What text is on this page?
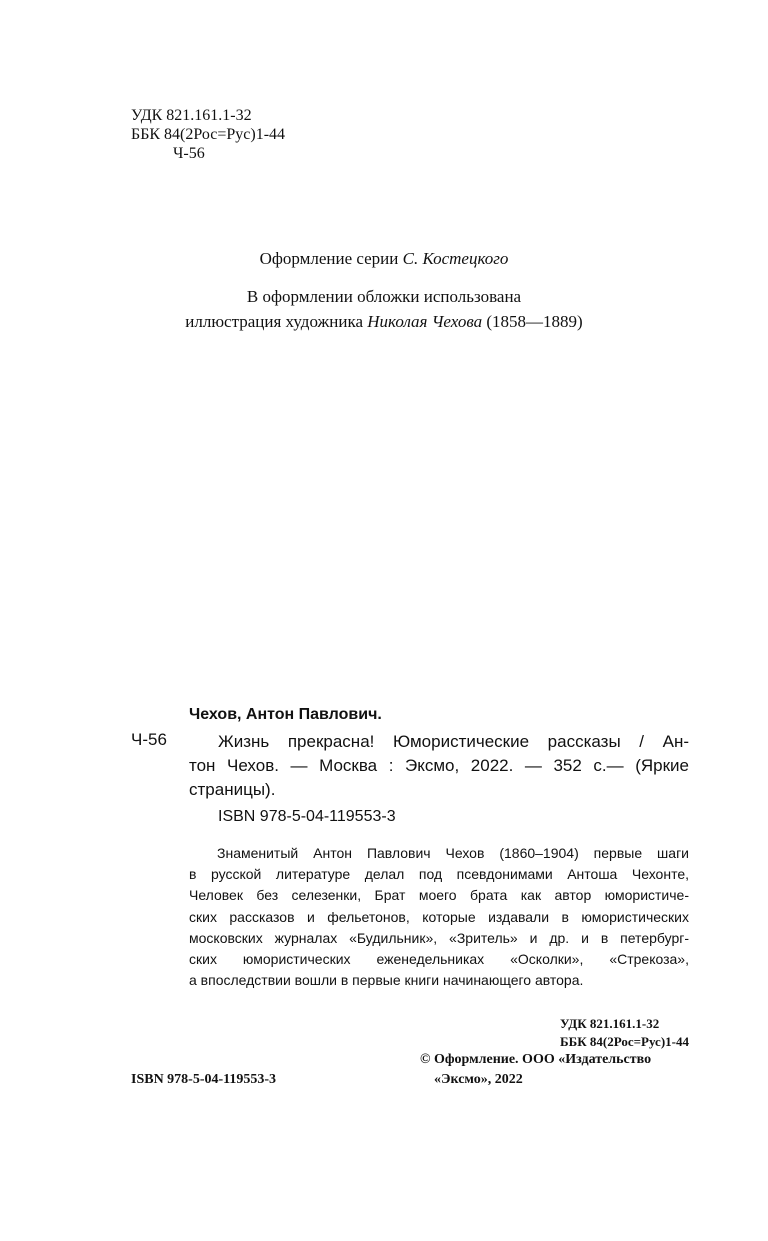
УДК 821.161.1-32
ББК 84(2Рос=Рус)1-44
Ч-56
Оформление серии С. Костецкого
В оформлении обложки использована
иллюстрация художника Николая Чехова (1858—1889)
Чехов, Антон Павлович.
Ч-56	Жизнь прекрасна! Юмористические рассказы / Ан-
тон Чехов. — Москва : Эксмо, 2022. — 352 с.— (Яркие
страницы).
ISBN 978-5-04-119553-3
Знаменитый Антон Павлович Чехов (1860–1904) первые шаги
в русской литературе делал под псевдонимами Антоша Чехонте,
Человек без селезенки, Брат моего брата как автор юмористиче-
ских рассказов и фельетонов, которые издавали в юмористических
московских журналах «Будильник», «Зритель» и др. и в петербург-
ских юмористических еженедельниках «Осколки», «Стрекоза»,
а впоследствии вошли в первые книги начинающего автора.
УДК 821.161.1-32
ББК 84(2Рос=Рус)1-44
© Оформление. ООО «Издательство
«Эксмо», 2022
ISBN 978-5-04-119553-3
